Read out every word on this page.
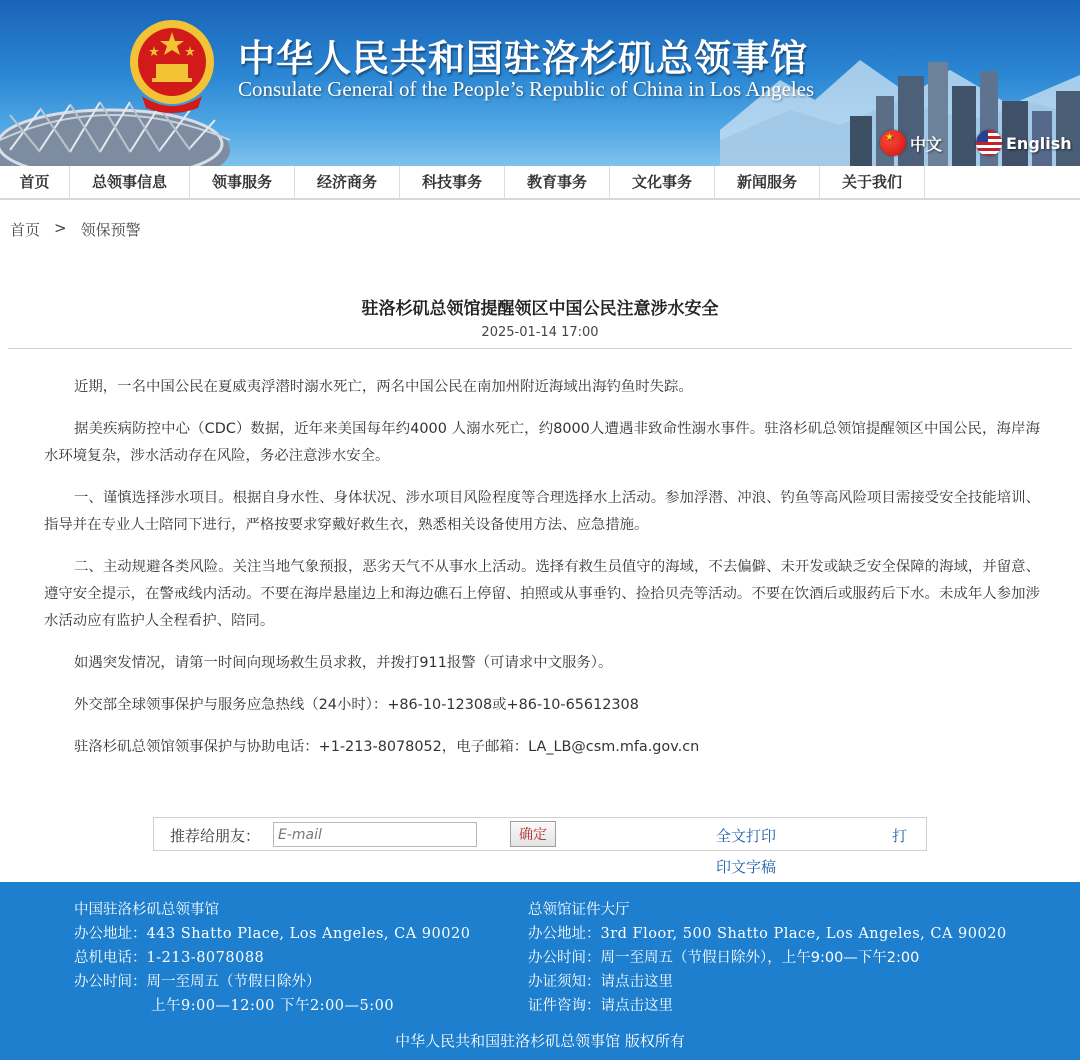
中华人民共和国驻洛杉矶总领事馆
Consulate General of the People’s Republic of China in Los Angeles
★
中文	English
首页	总领事信息	领事服务	经济商务	科技事务	教育事务	文化事务	新闻服务	关于我们
首页 > 领保预警
驻洛杉矶总领馆提醒领区中国公民注意涉水安全
2025-01-14 17:00

近期，一名中国公民在夏威夷浮潜时溺水死亡，两名中国公民在南加州附近海域出海钓鱼时失踪。

据美疾病防控中心（CDC）数据，近年来美国每年约4000 人溺水死亡，约8000人遭遇非致命性溺水事件。驻洛杉矶总领馆提醒领区中国公民，海岸海水环境复杂，涉水活动存在风险，务必注意涉水安全。

一、谨慎选择涉水项目。根据自身水性、身体状况、涉水项目风险程度等合理选择水上活动。参加浮潜、冲浪、钓鱼等高风险项目需接受安全技能培训、指导并在专业人士陪同下进行，严格按要求穿戴好救生衣，熟悉相关设备使用方法、应急措施。

二、主动规避各类风险。关注当地气象预报，恶劣天气不从事水上活动。选择有救生员值守的海域，不去偏僻、未开发或缺乏安全保障的海域，并留意、遵守安全提示，在警戒线内活动。不要在海岸悬崖边上和海边礁石上停留、拍照或从事垂钓、捡拾贝壳等活动。不要在饮酒后或服药后下水。未成年人参加涉水活动应有监护人全程看护、陪同。

如遇突发情况，请第一时间向现场救生员求救，并拨打911报警（可请求中文服务）。

外交部全球领事保护与服务应急热线（24小时）：+86-10-12308或+86-10-65612308

驻洛杉矶总领馆领事保护与协助电话：+1-213-8078052，电子邮箱：LA_LB@csm.mfa.gov.cn

推荐给朋友：
E-mail	确定	全文打印	打
印文字稿
中国驻洛杉矶总领事馆
办公地址：443 Shatto Place, Los Angeles, CA 90020
总机电话：1-213-8078088
办公时间：周一至周五（节假日除外）
上午9:00—12:00 下午2:00—5:00
总领馆证件大厅
办公地址：3rd Floor, 500 Shatto Place, Los Angeles, CA 90020
办公时间：周一至周五（节假日除外），上午9:00—下午2:00
办证须知：请点击这里
证件咨询：请点击这里
中华人民共和国驻洛杉矶总领事馆 版权所有
